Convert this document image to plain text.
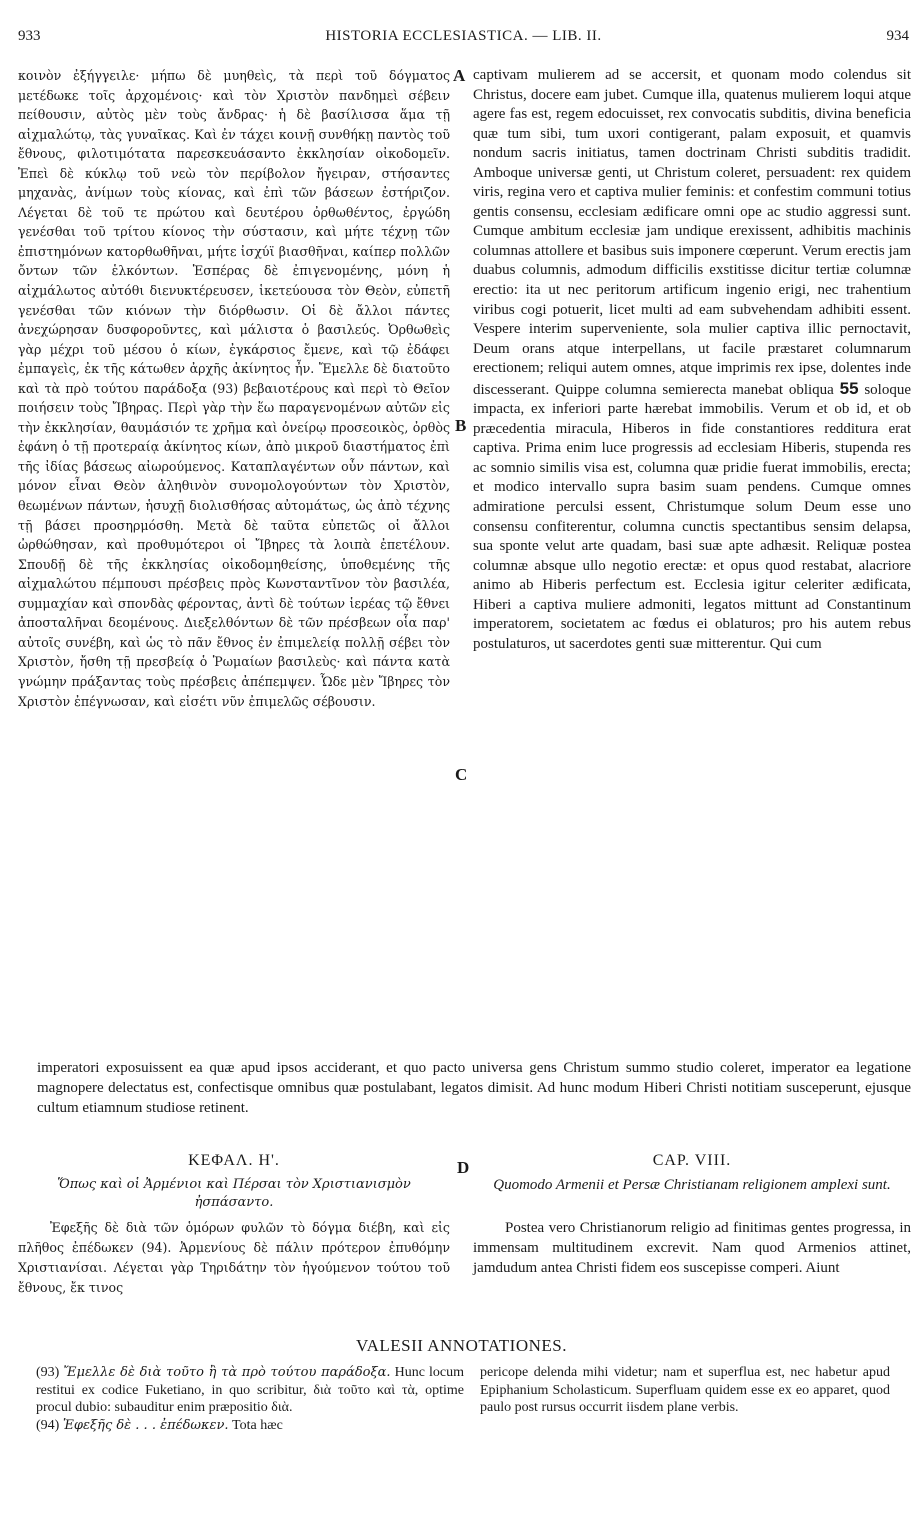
933	HISTORIA ECCLESIASTICA. — LIB. II.	934

κοινὸν ἐξήγγειλε· μήπω δὲ μυηθεὶς, τὰ περὶ τοῦ δόγματος μετέδωκε τοῖς ἀρχομένοις· καὶ τὸν Χριστὸν πανδημεὶ σέβειν πείθουσιν, αὐτὸς μὲν τοὺς ἄνδρας· ἡ δὲ βασίλισσα ἅμα τῇ αἰχμαλώτῳ, τὰς γυναῖκας. Καὶ ἐν τάχει κοινῇ συνθήκῃ παντὸς τοῦ ἔθνους, φιλοτιμότατα παρεσκευάσαντο ἐκκλησίαν οἰκοδομεῖν. Ἐπεὶ δὲ κύκλῳ τοῦ νεὼ τὸν περίβολον ἤγειραν, στήσαντες μηχανὰς, ἀνίμων τοὺς κίονας, καὶ ἐπὶ τῶν βάσεων ἐστήριζον. Λέγεται δὲ τοῦ τε πρώτου καὶ δευτέρου ὀρθωθέντος, ἐργώδη γενέσθαι τοῦ τρίτου κίονος τὴν σύστασιν, καὶ μήτε τέχνῃ τῶν ἐπιστημόνων κατορθωθῆναι, μήτε ἰσχύϊ βιασθῆναι, καίπερ πολλῶν ὄντων τῶν ἑλκόντων. Ἑσπέρας δὲ ἐπιγενομένης, μόνη ἡ αἰχμάλωτος αὐτόθι διενυκτέρευσεν, ἱκετεύουσα τὸν Θεὸν, εὐπετῆ γενέσθαι τῶν κιόνων τὴν διόρθωσιν. Οἱ δὲ ἄλλοι πάντες ἀνεχώρησαν δυσφοροῦντες, καὶ μάλιστα ὁ βασιλεύς. Ὀρθωθεὶς γὰρ μέχρι τοῦ μέσου ὁ κίων, ἐγκάρσιος ἔμενε, καὶ τῷ ἐδάφει ἐμπαγεὶς, ἐκ τῆς κάτωθεν ἀρχῆς ἀκίνητος ἦν. Ἔμελλε δὲ διατοῦτο καὶ τὰ πρὸ τούτου παράδοξα (93) βεβαιοτέρους καὶ περὶ τὸ Θεῖον ποιήσειν τοὺς Ἴβηρας. Περὶ γὰρ τὴν ἕω παραγενομένων αὐτῶν εἰς τὴν ἐκκλησίαν, θαυμάσιόν τε χρῆμα καὶ ὀνείρῳ προσεοικὸς, ὀρθὸς ἐφάνη ὁ τῇ προτεραίᾳ ἀκίνητος κίων, ἀπὸ μικροῦ διαστήματος ἐπὶ τῆς ἰδίας βάσεως αἰωρούμενος. Καταπλαγέντων οὖν πάντων, καὶ μόνον εἶναι Θεὸν ἀληθινὸν συνομολογούντων τὸν Χριστὸν, θεωμένων πάντων, ἡσυχῇ διολισθήσας αὐτομάτως, ὡς ἀπὸ τέχνης τῇ βάσει προσηρμόσθη. Μετὰ δὲ ταῦτα εὐπετῶς οἱ ἄλλοι ὠρθώθησαν, καὶ προθυμότεροι οἱ Ἴβηρες τὰ λοιπὰ ἐπετέλουν. Σπουδῇ δὲ τῆς ἐκκλησίας οἰκοδομηθείσης, ὑποθεμένης τῆς αἰχμαλώτου πέμπουσι πρέσβεις πρὸς Κωνσταντῖνον τὸν βασιλέα, συμμαχίαν καὶ σπονδὰς φέροντας, ἀντὶ δὲ τούτων ἱερέας τῷ ἔθνει ἀποσταλῆναι δεομένους. Διεξελθόντων δὲ τῶν πρέσβεων οἷα παρ' αὐτοῖς συνέβη, καὶ ὡς τὸ πᾶν ἔθνος ἐν ἐπιμελείᾳ πολλῇ σέβει τὸν Χριστὸν, ἤσθη τῇ πρεσβείᾳ ὁ Ῥωμαίων βασιλεὺς· καὶ πάντα κατὰ γνώμην πράξαντας τοὺς πρέσβεις ἀπέπεμψεν. Ὧδε μὲν Ἴβηρες τὸν Χριστὸν ἐπέγνωσαν, καὶ εἰσέτι νῦν ἐπιμελῶς σέβουσιν.

captivam mulierem ad se accersit, et quonam modo colendus sit Christus, docere eam jubet. Cumque illa, quatenus mulierem loqui atque agere fas est, regem edocuisset, rex convocatis subditis, divina beneficia quæ tum sibi, tum uxori contigerant, palam exposuit, et quamvis nondum sacris initiatus, tamen doctrinam Christi subditis tradidit. Amboque universæ genti, ut Christum coleret, persuadent: rex quidem viris, regina vero et captiva mulier feminis: et confestim communi totius gentis consensu, ecclesiam ædificare omni ope ac studio aggressi sunt. Cumque ambitum ecclesiæ jam undique erexissent, adhibitis machinis columnas attollere et basibus suis imponere cœperunt. Verum erectis jam duabus columnis, admodum difficilis exstitisse dicitur tertiæ columnæ erectio: ita ut nec peritorum artificum ingenio erigi, nec trahentium viribus cogi potuerit, licet multi ad eam subvehendam adhibiti essent. Vespere interim superveniente, sola mulier captiva illic pernoctavit, Deum orans atque interpellans, ut facile præstaret columnarum erectionem; reliqui autem omnes, atque imprimis rex ipse, dolentes inde discesserant. Quippe columna semierecta manebat obliqua 55 soloque impacta, ex inferiori parte hærebat immobilis. Verum et ob id, et ob præcedentia miracula, Hiberos in fide constantiores redditura erat captiva. Prima enim luce progressis ad ecclesiam Hiberis, stupenda res ac somnio similis visa est, columna quæ pridie fuerat immobilis, erecta; et modico intervallo supra basim suam pendens. Cumque omnes admiratione perculsi essent, Christumque solum Deum esse uno consensu confiterentur, columna cunctis spectantibus sensim delapsa, sua sponte velut arte quadam, basi suæ apte adhæsit. Reliquæ postea columnæ absque ullo negotio erectæ: et opus quod restabat, alacriore animo ab Hiberis perfectum est. Ecclesia igitur celeriter ædificata, Hiberi a captiva muliere admoniti, legatos mittunt ad Constantinum imperatorem, societatem ac fœdus ei oblaturos; pro his autem rebus postulaturos, ut sacerdotes genti suæ mitterentur. Qui cum

A
B
C
D

imperatori exposuissent ea quæ apud ipsos acciderant, et quo pacto universa gens Christum summo studio coleret, imperator ea legatione magnopere delectatus est, confectisque omnibus quæ postulabant, legatos dimisit. Ad hunc modum Hiberi Christi notitiam susceperunt, ejusque cultum etiamnum studiose retinent.

ΚΕΦΑΛ. Η'.
Ὅπως καὶ οἱ Ἀρμένιοι καὶ Πέρσαι τὸν Χριστιανισμὸν ἠσπάσαντο.
CAP. VIII.
Quomodo Armenii et Persæ Christianam religionem amplexi sunt.

Ἐφεξῆς δὲ διὰ τῶν ὁμόρων φυλῶν τὸ δόγμα διέβη, καὶ εἰς πλῆθος ἐπέδωκεν (94). Ἀρμενίους δὲ πάλιν πρότερον ἐπυθόμην Χριστιανίσαι. Λέγεται γὰρ Τηριδάτην τὸν ἡγούμενον τούτου τοῦ ἔθνους, ἔκ τινος

Postea vero Christianorum religio ad finitimas gentes progressa, in immensam multitudinem excrevit. Nam quod Armenios attinet, jamdudum antea Christi fidem eos suscepisse comperi. Aiunt

VALESII ANNOTATIONES.

(93) Ἔμελλε δὲ διὰ τοῦτο ἢ τὰ πρὸ τούτου παράδοξα. Hunc locum restitui ex codice Fuketiano, in quo scribitur, διὰ τοῦτο καὶ τὰ, optime procul dubio: subauditur enim præpositio διὰ.

(94) Ἐφεξῆς δὲ . . . ἐπέδωκεν. Tota hæc

pericope delenda mihi videtur; nam et superflua est, nec habetur apud Epiphanium Scholasticum. Superfluam quidem esse ex eo apparet, quod paulo post rursus occurrit iisdem plane verbis.
